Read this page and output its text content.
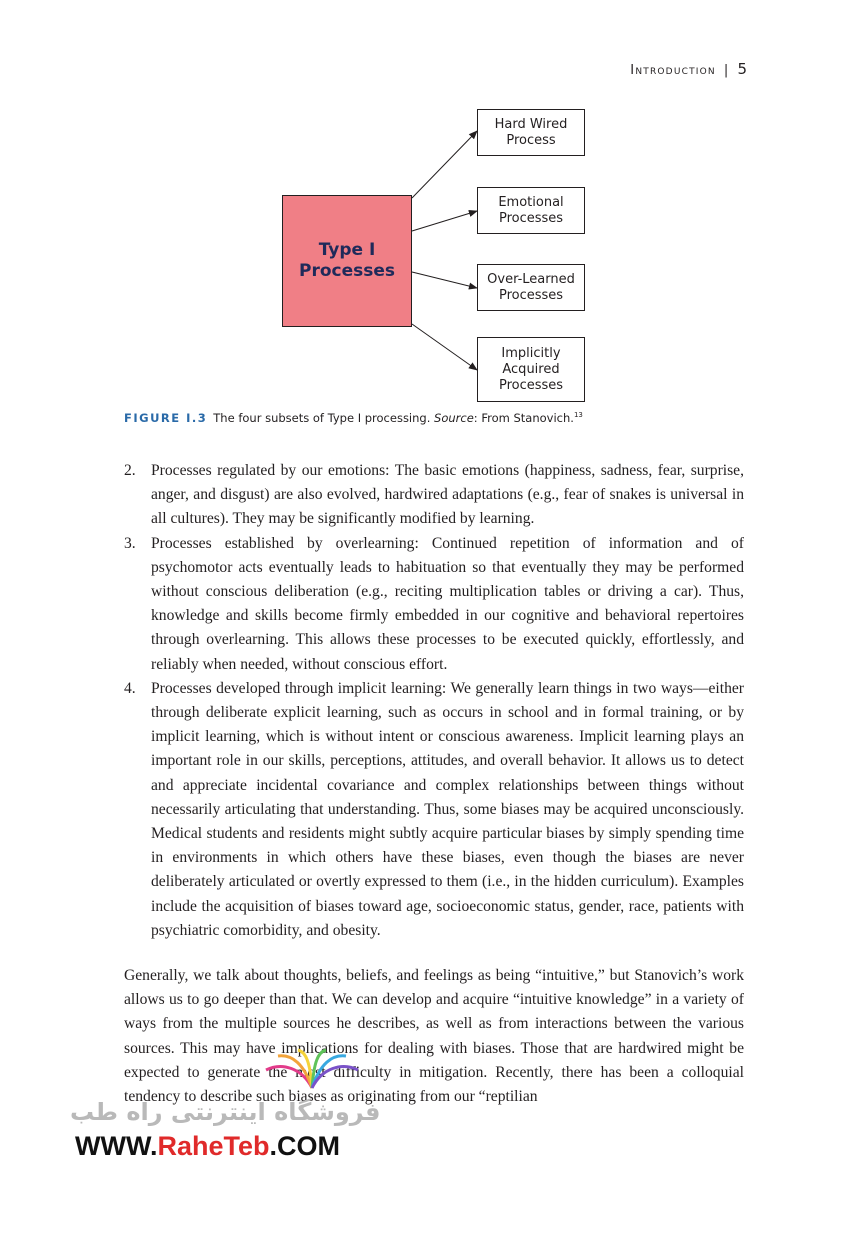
Introduction | 5
Type I
Processes
Hard Wired
Process
Emotional
Processes
Over-Learned
Processes
Implicitly
Acquired
Processes
FIGURE I.3 The four subsets of Type I processing. Source: From Stanovich.$^{13}$
2. Processes regulated by our emotions: The basic emotions (happiness, sadness, fear, surprise, anger, and disgust) are also evolved, hardwired adaptations (e.g., fear of snakes is universal in all cultures). They may be significantly modified by learning.
3. Processes established by overlearning: Continued repetition of information and of psychomotor acts eventually leads to habituation so that eventually they may be performed without conscious deliberation (e.g., reciting multiplication tables or driving a car). Thus, knowledge and skills become firmly embedded in our cognitive and behavioral repertoires through overlearning. This allows these processes to be executed quickly, effortlessly, and reliably when needed, without conscious effort.
4. Processes developed through implicit learning: We generally learn things in two ways—either through deliberate explicit learning, such as occurs in school and in formal training, or by implicit learning, which is without intent or conscious awareness. Implicit learning plays an important role in our skills, perceptions, attitudes, and overall behavior. It allows us to detect and appreciate incidental covariance and complex relationships between things without necessarily articulating that understanding. Thus, some biases may be acquired unconsciously. Medical students and residents might subtly acquire particular biases by simply spending time in environments in which others have these biases, even though the biases are never deliberately articulated or overtly expressed to them (i.e., in the hidden curriculum). Examples include the acquisition of biases toward age, socioeconomic status, gender, race, patients with psychiatric comorbidity, and obesity.

Generally, we talk about thoughts, beliefs, and feelings as being “intuitive,” but Stanovich’s work allows us to go deeper than that. We can develop and acquire “intuitive knowledge” in a variety of ways from the multiple sources he describes, as well as from interactions between the various sources. This may have implications for dealing with biases. Those that are hardwired might be expected to generate the most difficulty in mitigation. Recently, there has been a colloquial tendency to describe such biases as originating from our “reptilian

فروشگاه اینترنتی راه طب
WWW.RaheTeb.COM
